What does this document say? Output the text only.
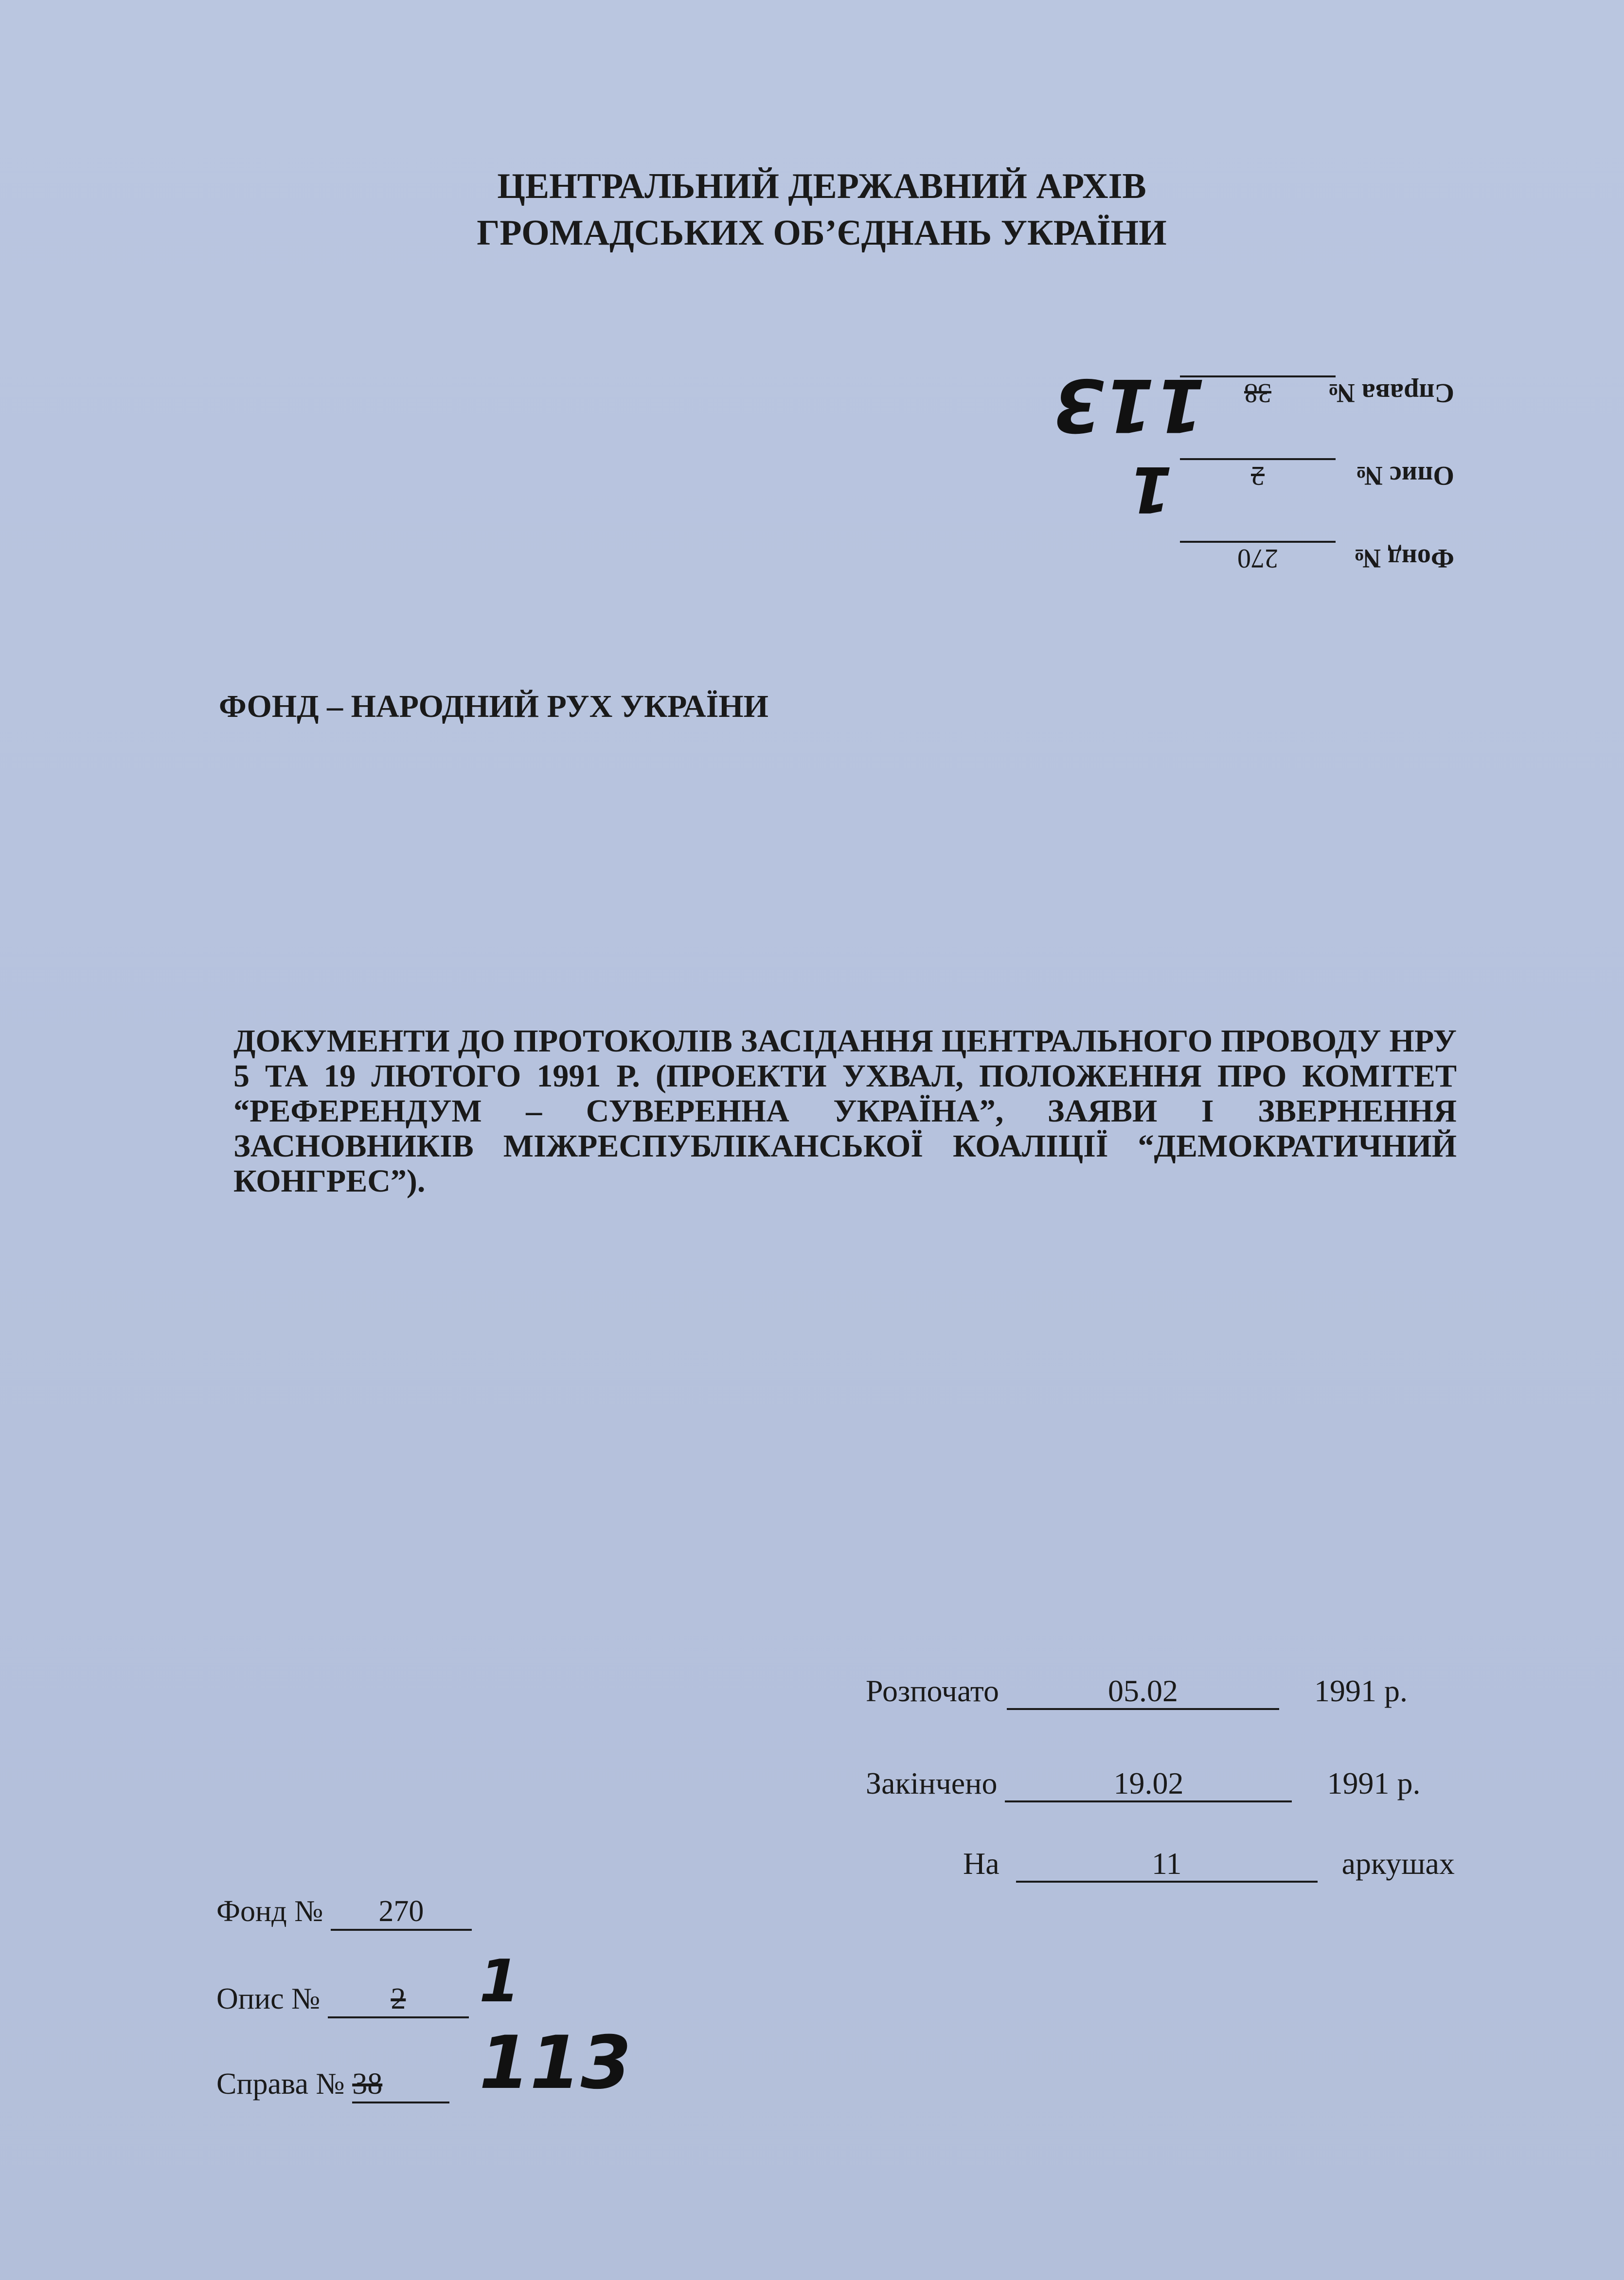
ЦЕНТРАЛЬНИЙ ДЕРЖАВНИЙ АРХІВ
ГРОМАДСЬКИХ ОБ’ЄДНАНЬ УКРАЇНИ
Фонд № 270
Опис № 2
Справа № 38
113
1
ФОНД – НАРОДНИЙ РУХ УКРАЇНИ
ДОКУМЕНТИ ДО ПРОТОКОЛІВ ЗАСІДАННЯ ЦЕНТРАЛЬНОГО ПРОВОДУ НРУ 5 ТА 19 ЛЮТОГО 1991 Р. (ПРОЕКТИ УХВАЛ, ПОЛОЖЕННЯ ПРО КОМІТЕТ “РЕФЕРЕНДУМ – СУВЕРЕННА УКРАЇНА”, ЗАЯВИ І ЗВЕРНЕННЯ ЗАСНОВНИКІВ МІЖРЕСПУБЛІКАНСЬКОЇ КОАЛІЦІЇ “ДЕМОКРАТИЧНИЙ КОНГРЕС”).
Розпочато	05.02	1991 р.
Закінчено	19.02	1991 р.
На	11	аркушах
Фонд № 270
Опис № 2
Справа № 38
1
113
